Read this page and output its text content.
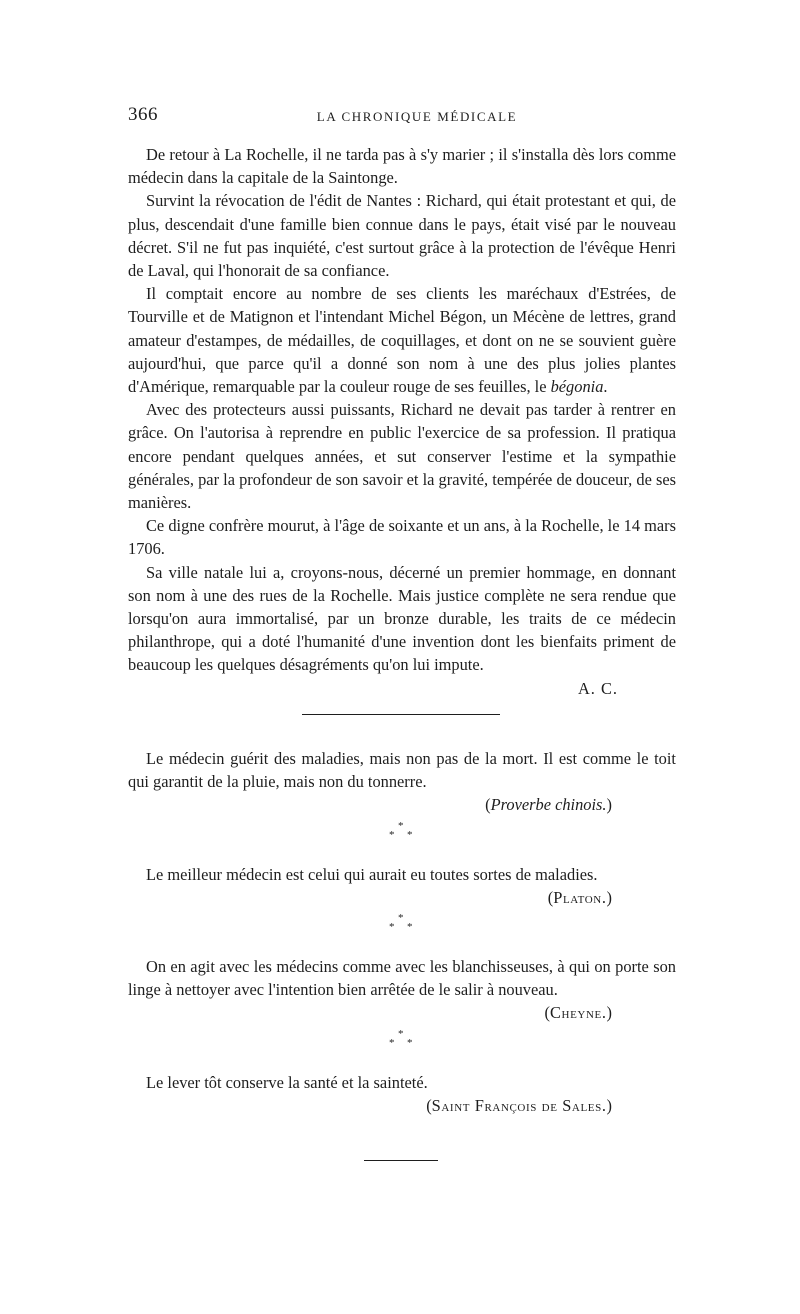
366	LA CHRONIQUE MÉDICALE

De retour à La Rochelle, il ne tarda pas à s'y marier ; il s'installa dès lors comme médecin dans la capitale de la Saintonge.

Survint la révocation de l'édit de Nantes : Richard, qui était protestant et qui, de plus, descendait d'une famille bien connue dans le pays, était visé par le nouveau décret. S'il ne fut pas inquiété, c'est surtout grâce à la protection de l'évêque Henri de Laval, qui l'honorait de sa confiance.

Il comptait encore au nombre de ses clients les maréchaux d'Estrées, de Tourville et de Matignon et l'intendant Michel Bégon, un Mécène de lettres, grand amateur d'estampes, de médailles, de coquillages, et dont on ne se souvient guère aujourd'hui, que parce qu'il a donné son nom à une des plus jolies plantes d'Amérique, remarquable par la couleur rouge de ses feuilles, le bégonia.

Avec des protecteurs aussi puissants, Richard ne devait pas tarder à rentrer en grâce. On l'autorisa à reprendre en public l'exercice de sa profession. Il pratiqua encore pendant quelques années, et sut conserver l'estime et la sympathie générales, par la profondeur de son savoir et la gravité, tempérée de douceur, de ses manières.

Ce digne confrère mourut, à l'âge de soixante et un ans, à la Rochelle, le 14 mars 1706.

Sa ville natale lui a, croyons-nous, décerné un premier hommage, en donnant son nom à une des rues de la Rochelle. Mais justice complète ne sera rendue que lorsqu'on aura immortalisé, par un bronze durable, les traits de ce médecin philanthrope, qui a doté l'humanité d'une invention dont les bienfaits priment de beaucoup les quelques désagréments qu'on lui impute.

A. C.

Le médecin guérit des maladies, mais non pas de la mort. Il est comme le toit qui garantit de la pluie, mais non du tonnerre.

(Proverbe chinois.)

*
* *

Le meilleur médecin est celui qui aurait eu toutes sortes de maladies.

(Platon.)

*
* *

On en agit avec les médecins comme avec les blanchisseuses, à qui on porte son linge à nettoyer avec l'intention bien arrêtée de le salir à nouveau.

(Cheyne.)

*
* *

Le lever tôt conserve la santé et la sainteté.

(Saint François de Sales.)
